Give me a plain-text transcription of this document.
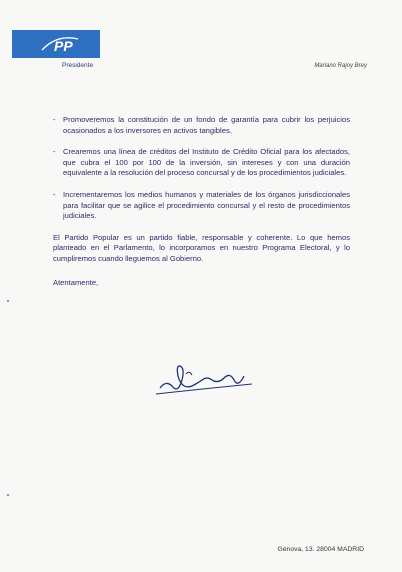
PP
Presidente	Mariano Rajoy Brey
- Promoveremos la constitución de un fondo de garantía para cubrir los perjuicios ocasionados a los inversores en activos tangibles.
- Crearemos una línea de créditos del Instituto de Crédito Oficial para los afectados, que cubra el 100 por 100 de la inversión, sin intereses y con una duración equivalente a la resolución del proceso concursal y de los procedimientos judiciales.
- Incrementaremos los medios humanos y materiales de los órganos jurisdiccionales para facilitar que se agilice el procedimiento concursal y el resto de procedimientos judiciales.

El Partido Popular es un partido fiable, responsable y coherente. Lo que hemos planteado en el Parlamento, lo incorporamos en nuestro Programa Electoral, y lo cumpliremos cuando lleguemos al Gobierno.

Atentamente,

Génova, 13. 28004 MADRID
